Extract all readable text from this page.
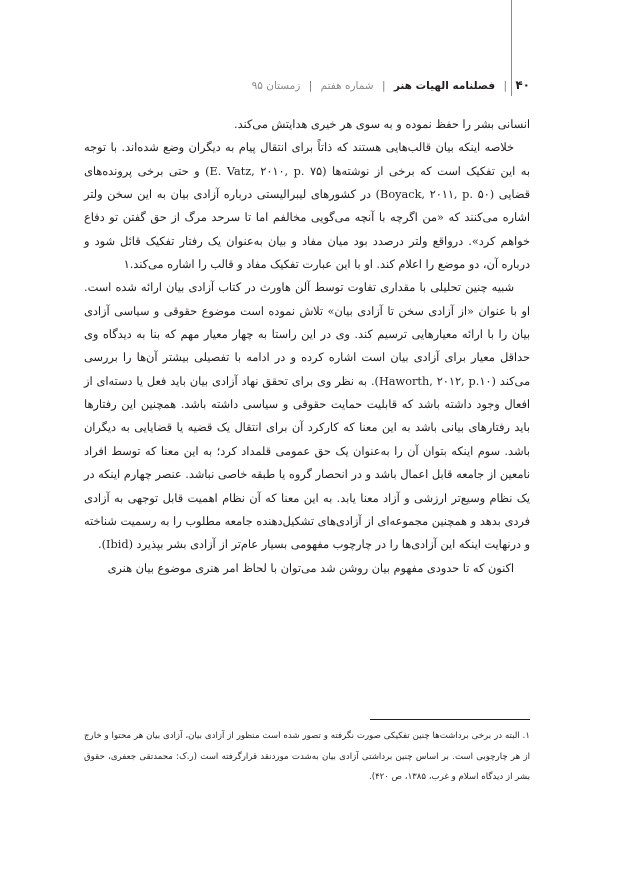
۴۰ | فصلنامه الهیات هنر | شماره هفتم | زمستان ۹۵

انسانی بشر را حفظ نموده و به سوی هر خیری هدایتش می‌کند.

خلاصه اینکه بیان قالب‌هایی هستند که ذاتاً برای انتقال پیام به دیگران وضع شده‌اند. با توجه به این تفکیک است که برخی از نوشته‌ها (E. Vatz, ۲۰۱۰, p. ۷۵) و حتی برخی پرونده‌های قضایی (Boyack, ۲۰۱۱, p. ۵۰) در کشورهای لیبرالیستی درباره آزادی بیان به این سخن ولتر اشاره می‌کنند که «من اگرچه با آنچه می‌گویی مخالفم اما تا سرحد مرگ از حق گفتن تو دفاع خواهم کرد». درواقع ولتر درصدد بود میان مفاد و بیان به‌عنوان یک رفتار تفکیک قائل شود و درباره آن، دو موضع را اعلام کند. او با این عبارت تفکیک مفاد و قالب را اشاره می‌کند.۱

شبیه چنین تحلیلی با مقداری تفاوت توسط آلن هاورث در کتاب آزادی بیان ارائه شده است. او با عنوان «از آزادی سخن تا آزادی بیان» تلاش نموده است موضوع حقوقی و سیاسی آزادی بیان را با ارائه معیارهایی ترسیم کند. وی در این راستا به چهار معیار مهم که بنا به دیدگاه وی حداقل معیار برای آزادی بیان است اشاره کرده و در ادامه با تفصیلی بیشتر آن‌ها را بررسی می‌کند (Haworth, ۲۰۱۲, p.۱۰). به نظر وی برای تحقق نهاد آزادی بیان باید فعل یا دسته‌ای از افعال وجود داشته باشد که قابلیت حمایت حقوقی و سیاسی داشته باشد. همچنین این رفتارها باید رفتارهای بیانی باشد به این معنا که کارکرد آن برای انتقال یک قضیه یا قضایایی به دیگران باشد. سوم اینکه بتوان آن را به‌عنوان یک حق عمومی قلمداد کرد؛ به این معنا که توسط افراد نامعین از جامعه قابل اعمال باشد و در انحصار گروه یا طبقه خاصی نباشد. عنصر چهارم اینکه در یک نظام وسیع‌تر ارزشی و آزاد معنا یابد. به این معنا که آن نظام اهمیت قابل توجهی به آزادی فردی بدهد و همچنین مجموعه‌ای از آزادی‌های تشکیل‌دهنده جامعه مطلوب را به رسمیت شناخته و درنهایت اینکه این آزادی‌ها را در چارچوب مفهومی بسیار عام‌تر از آزادی بشر بپذیرد (Ibid).

اکنون که تا حدودی مفهوم بیان روشن شد می‌توان با لحاظ امر هنری موضوع بیان هنری

۱. البته در برخی برداشت‌ها چنین تفکیکی صورت نگرفته و تصور شده است منظور از آزادی بیان، آزادی بیان هر محتوا و خارج از هر چارچوبی است. بر اساس چنین برداشتی آزادی بیان به‌شدت موردنقد قرارگرفته است (ر.ک: محمدتقی جعفری، حقوق بشر از دیدگاه اسلام و غرب، ۱۳۸۵، ص ۴۲۰).
